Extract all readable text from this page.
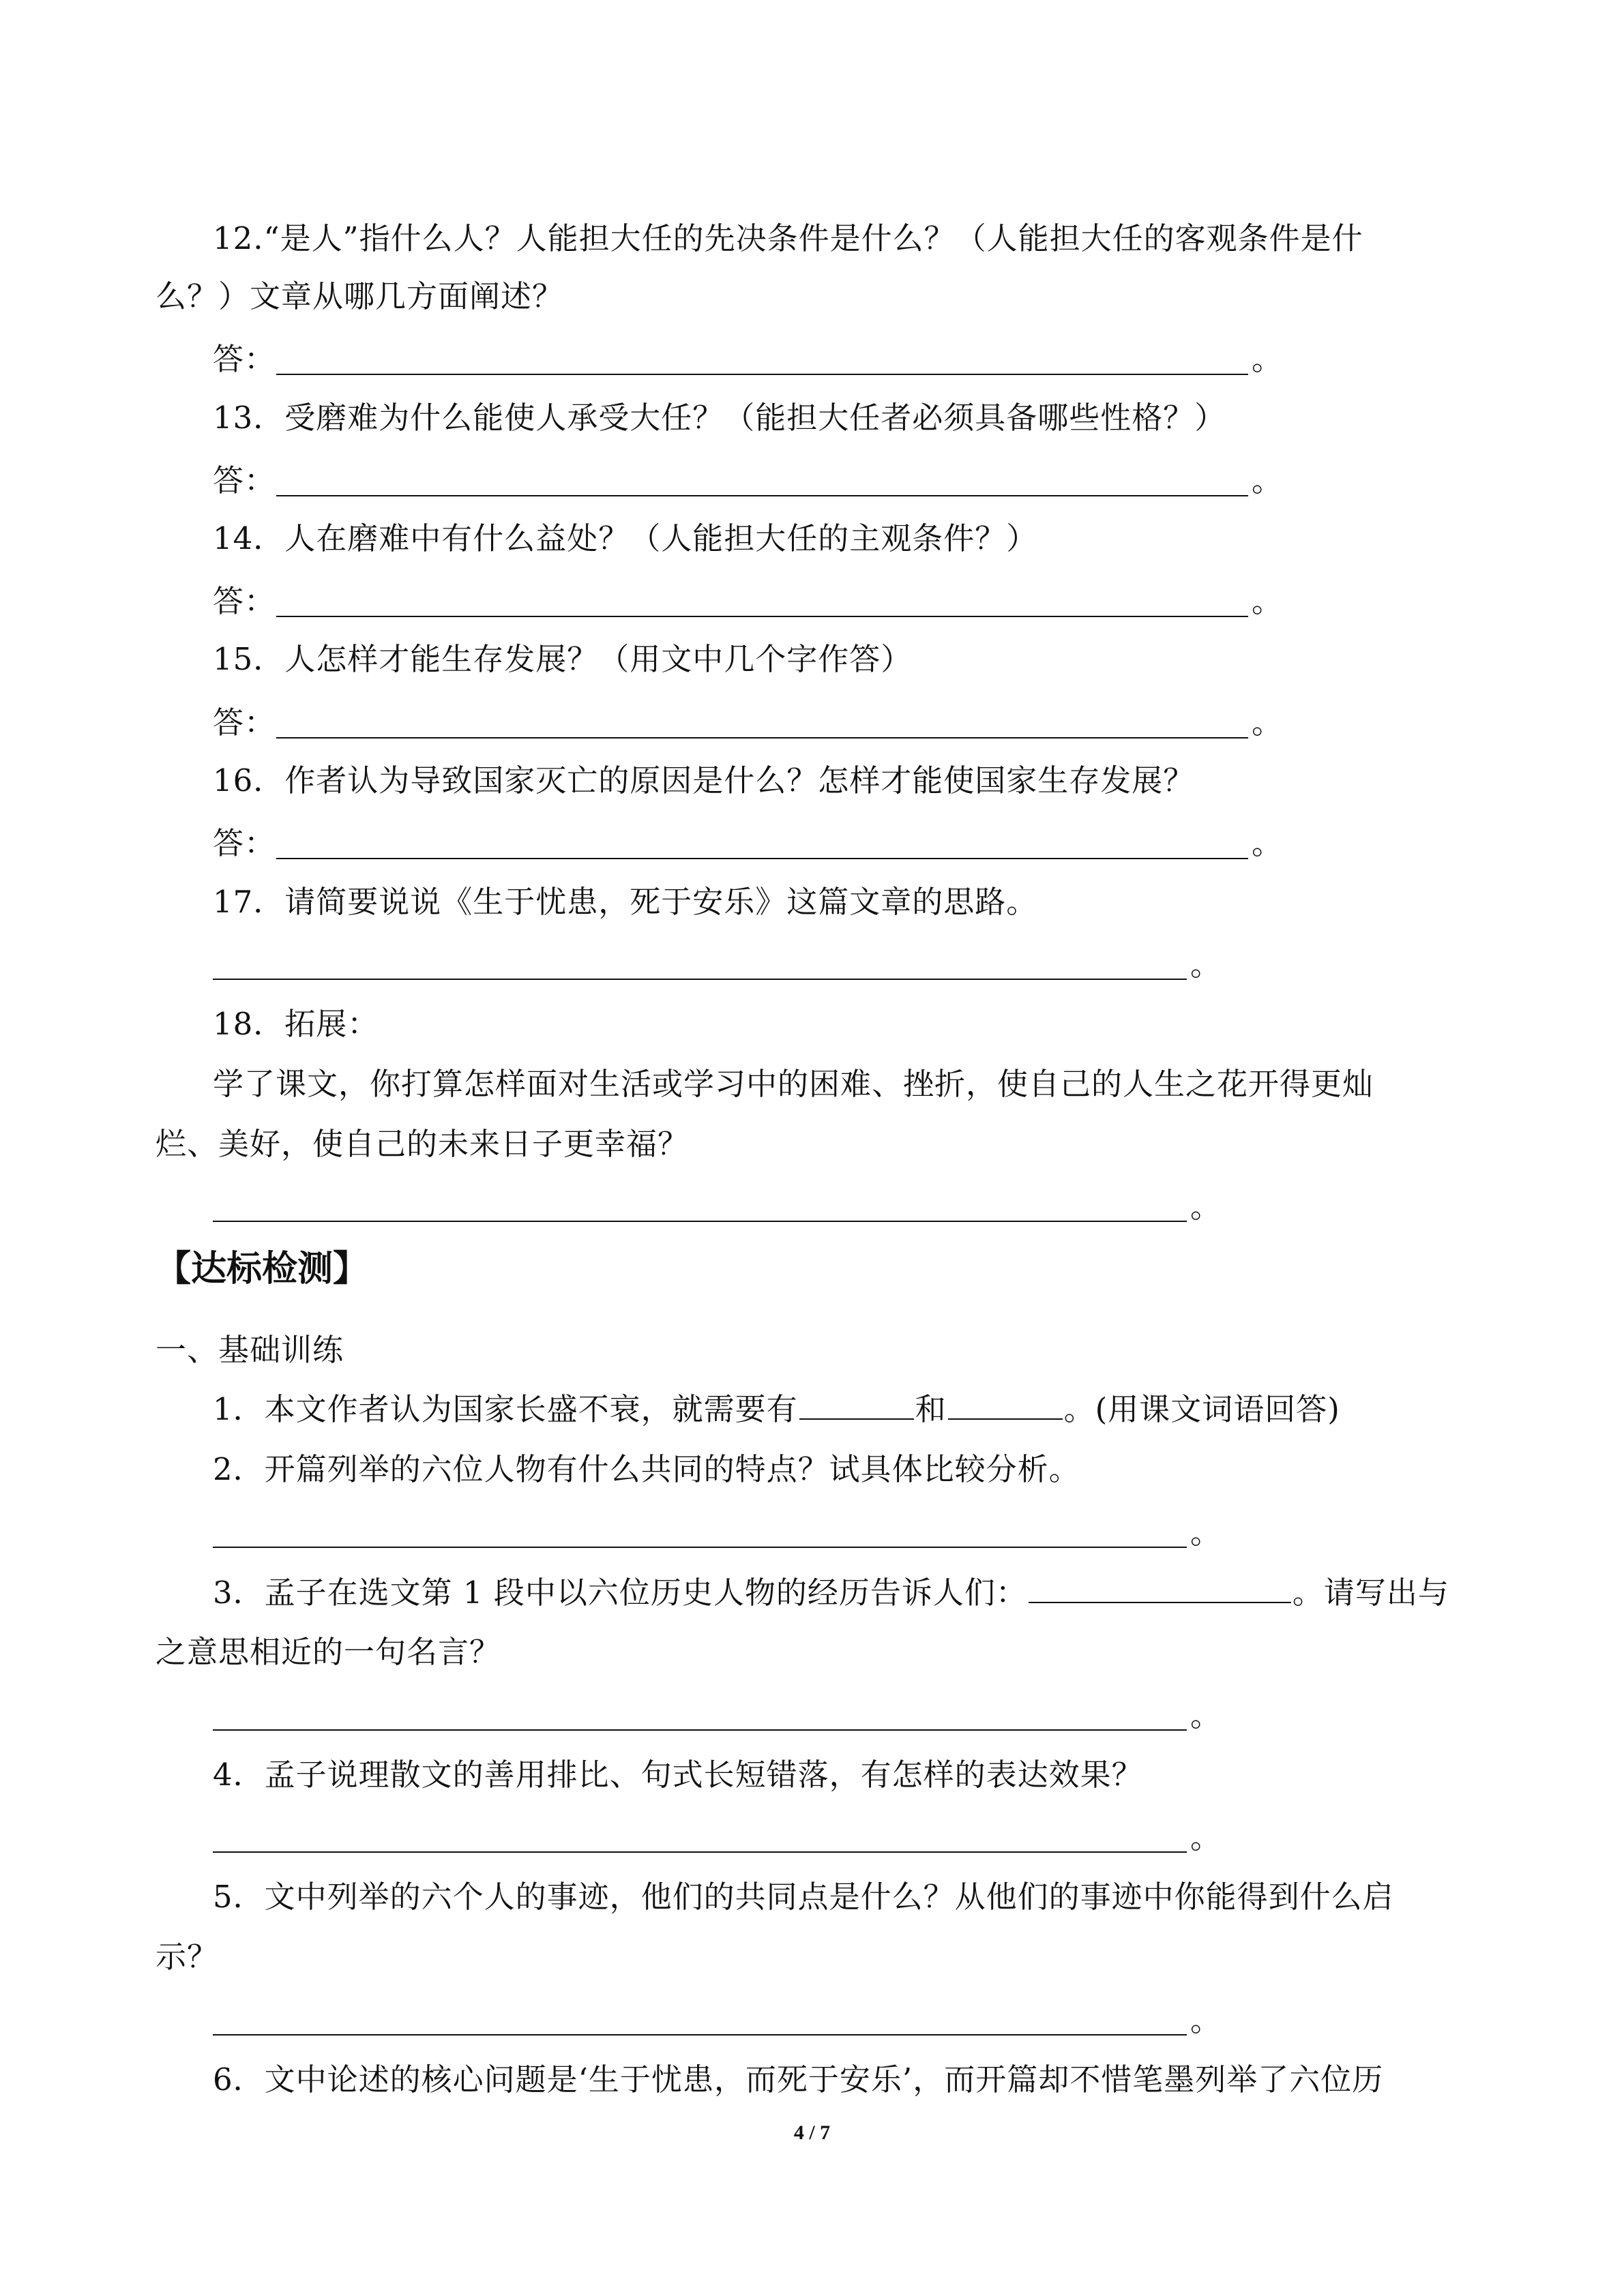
12.“是人”指什么人？人能担大任的先决条件是什么？（人能担大任的客观条件是什
么？）文章从哪几方面阐述？
答：	。
13．受磨难为什么能使人承受大任？（能担大任者必须具备哪些性格？）
答：	。
14．人在磨难中有什么益处？（人能担大任的主观条件？）
答：	。
15．人怎样才能生存发展？（用文中几个字作答）
答：	。
16．作者认为导致国家灭亡的原因是什么？怎样才能使国家生存发展？
答：	。
17．请简要说说《生于忧患，死于安乐》这篇文章的思路。
。
18．拓展：
学了课文，你打算怎样面对生活或学习中的困难、挫折，使自己的人生之花开得更灿
烂、美好，使自己的未来日子更幸福？
。
【达标检测】
一、基础训练
1．本文作者认为国家长盛不衰，就需要有	和	。(用课文词语回答)
2．开篇列举的六位人物有什么共同的特点？试具体比较分析。
。
3．孟子在选文第 1 段中以六位历史人物的经历告诉人们：	。请写出与
之意思相近的一句名言？
。
4．孟子说理散文的善用排比、句式长短错落，有怎样的表达效果？
。
5．文中列举的六个人的事迹，他们的共同点是什么？从他们的事迹中你能得到什么启
示？
。
6．文中论述的核心问题是‘生于忧患，而死于安乐’，而开篇却不惜笔墨列举了六位历
4 / 7
